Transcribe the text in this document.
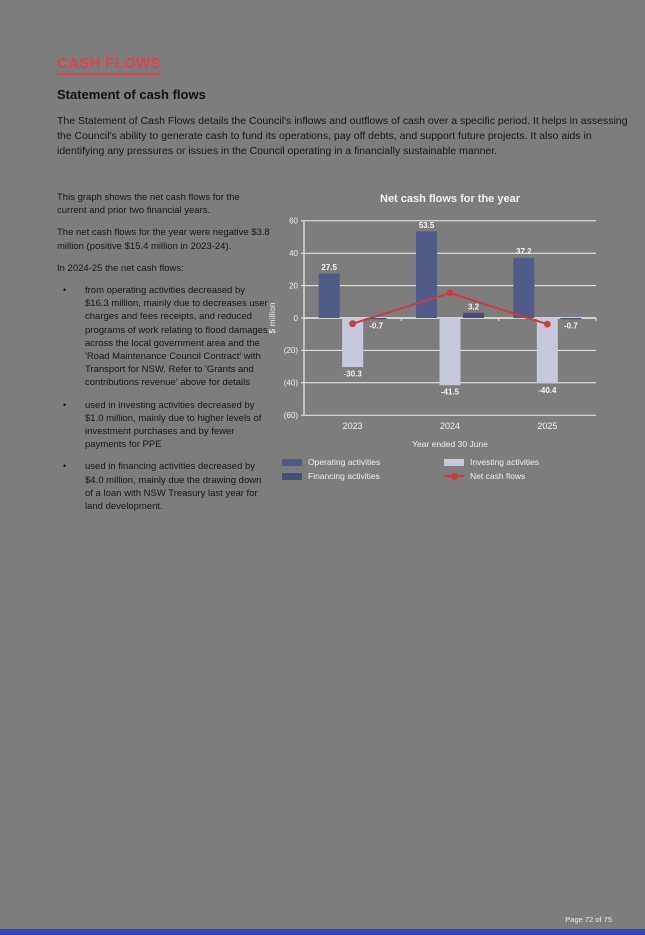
CASH FLOWS
Statement of cash flows

The Statement of Cash Flows details the Council's inflows and outflows of cash over a specific period. It helps in assessing the Council's ability to generate cash to fund its operations, pay off debts, and support future projects. It also aids in identifying any pressures or issues in the Council operating in a financially sustainable manner.

This graph shows the net cash flows for the current and prior two financial years.

The net cash flows for the year were negative $3.8 million (positive $15.4 million in 2023-24).

In 2024-25 the net cash flows:

• from operating activities decreased by $16.3 million, mainly due to decreases user charges and fees receipts, and reduced programs of work relating to flood damages across the local government area and the 'Road Maintenance Council Contract' with Transport for NSW. Refer to 'Grants and contributions revenue' above for details
• used in investing activities decreased by $1.0 million, mainly due to higher levels of investment purchases and by fewer payments for PPE
• used in financing activities decreased by $4.0 million, mainly due the drawing down of a loan with NSW Treasury last year for land development.
Net cash flows for the year
60
40
20
0
(20)
(40)
(60)
27.5
53.5
37.2
-30.3
-41.5	-40.4
-0.7
3.2
-0.7
2023	2024	2025
Year ended 30 June
$ million
Operating activities	Investing activities
Financing activities	Net cash flows
Page 72 of 75
